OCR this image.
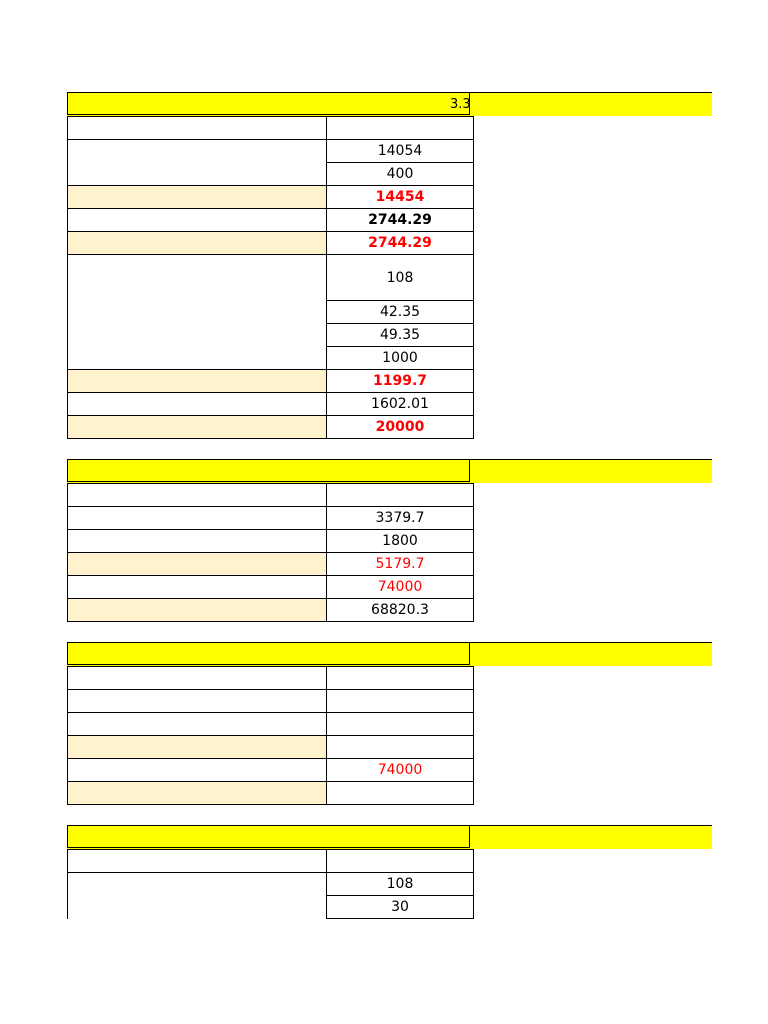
3.3

	14054
	400
	14454
	2744.29
	2744.29
	108
	42.35
	49.35
	1000
	1199.7
	1602.01
	20000

	3379.7
	1800
	5179.7
	74000
	68820.3

	74000

	108
	30
